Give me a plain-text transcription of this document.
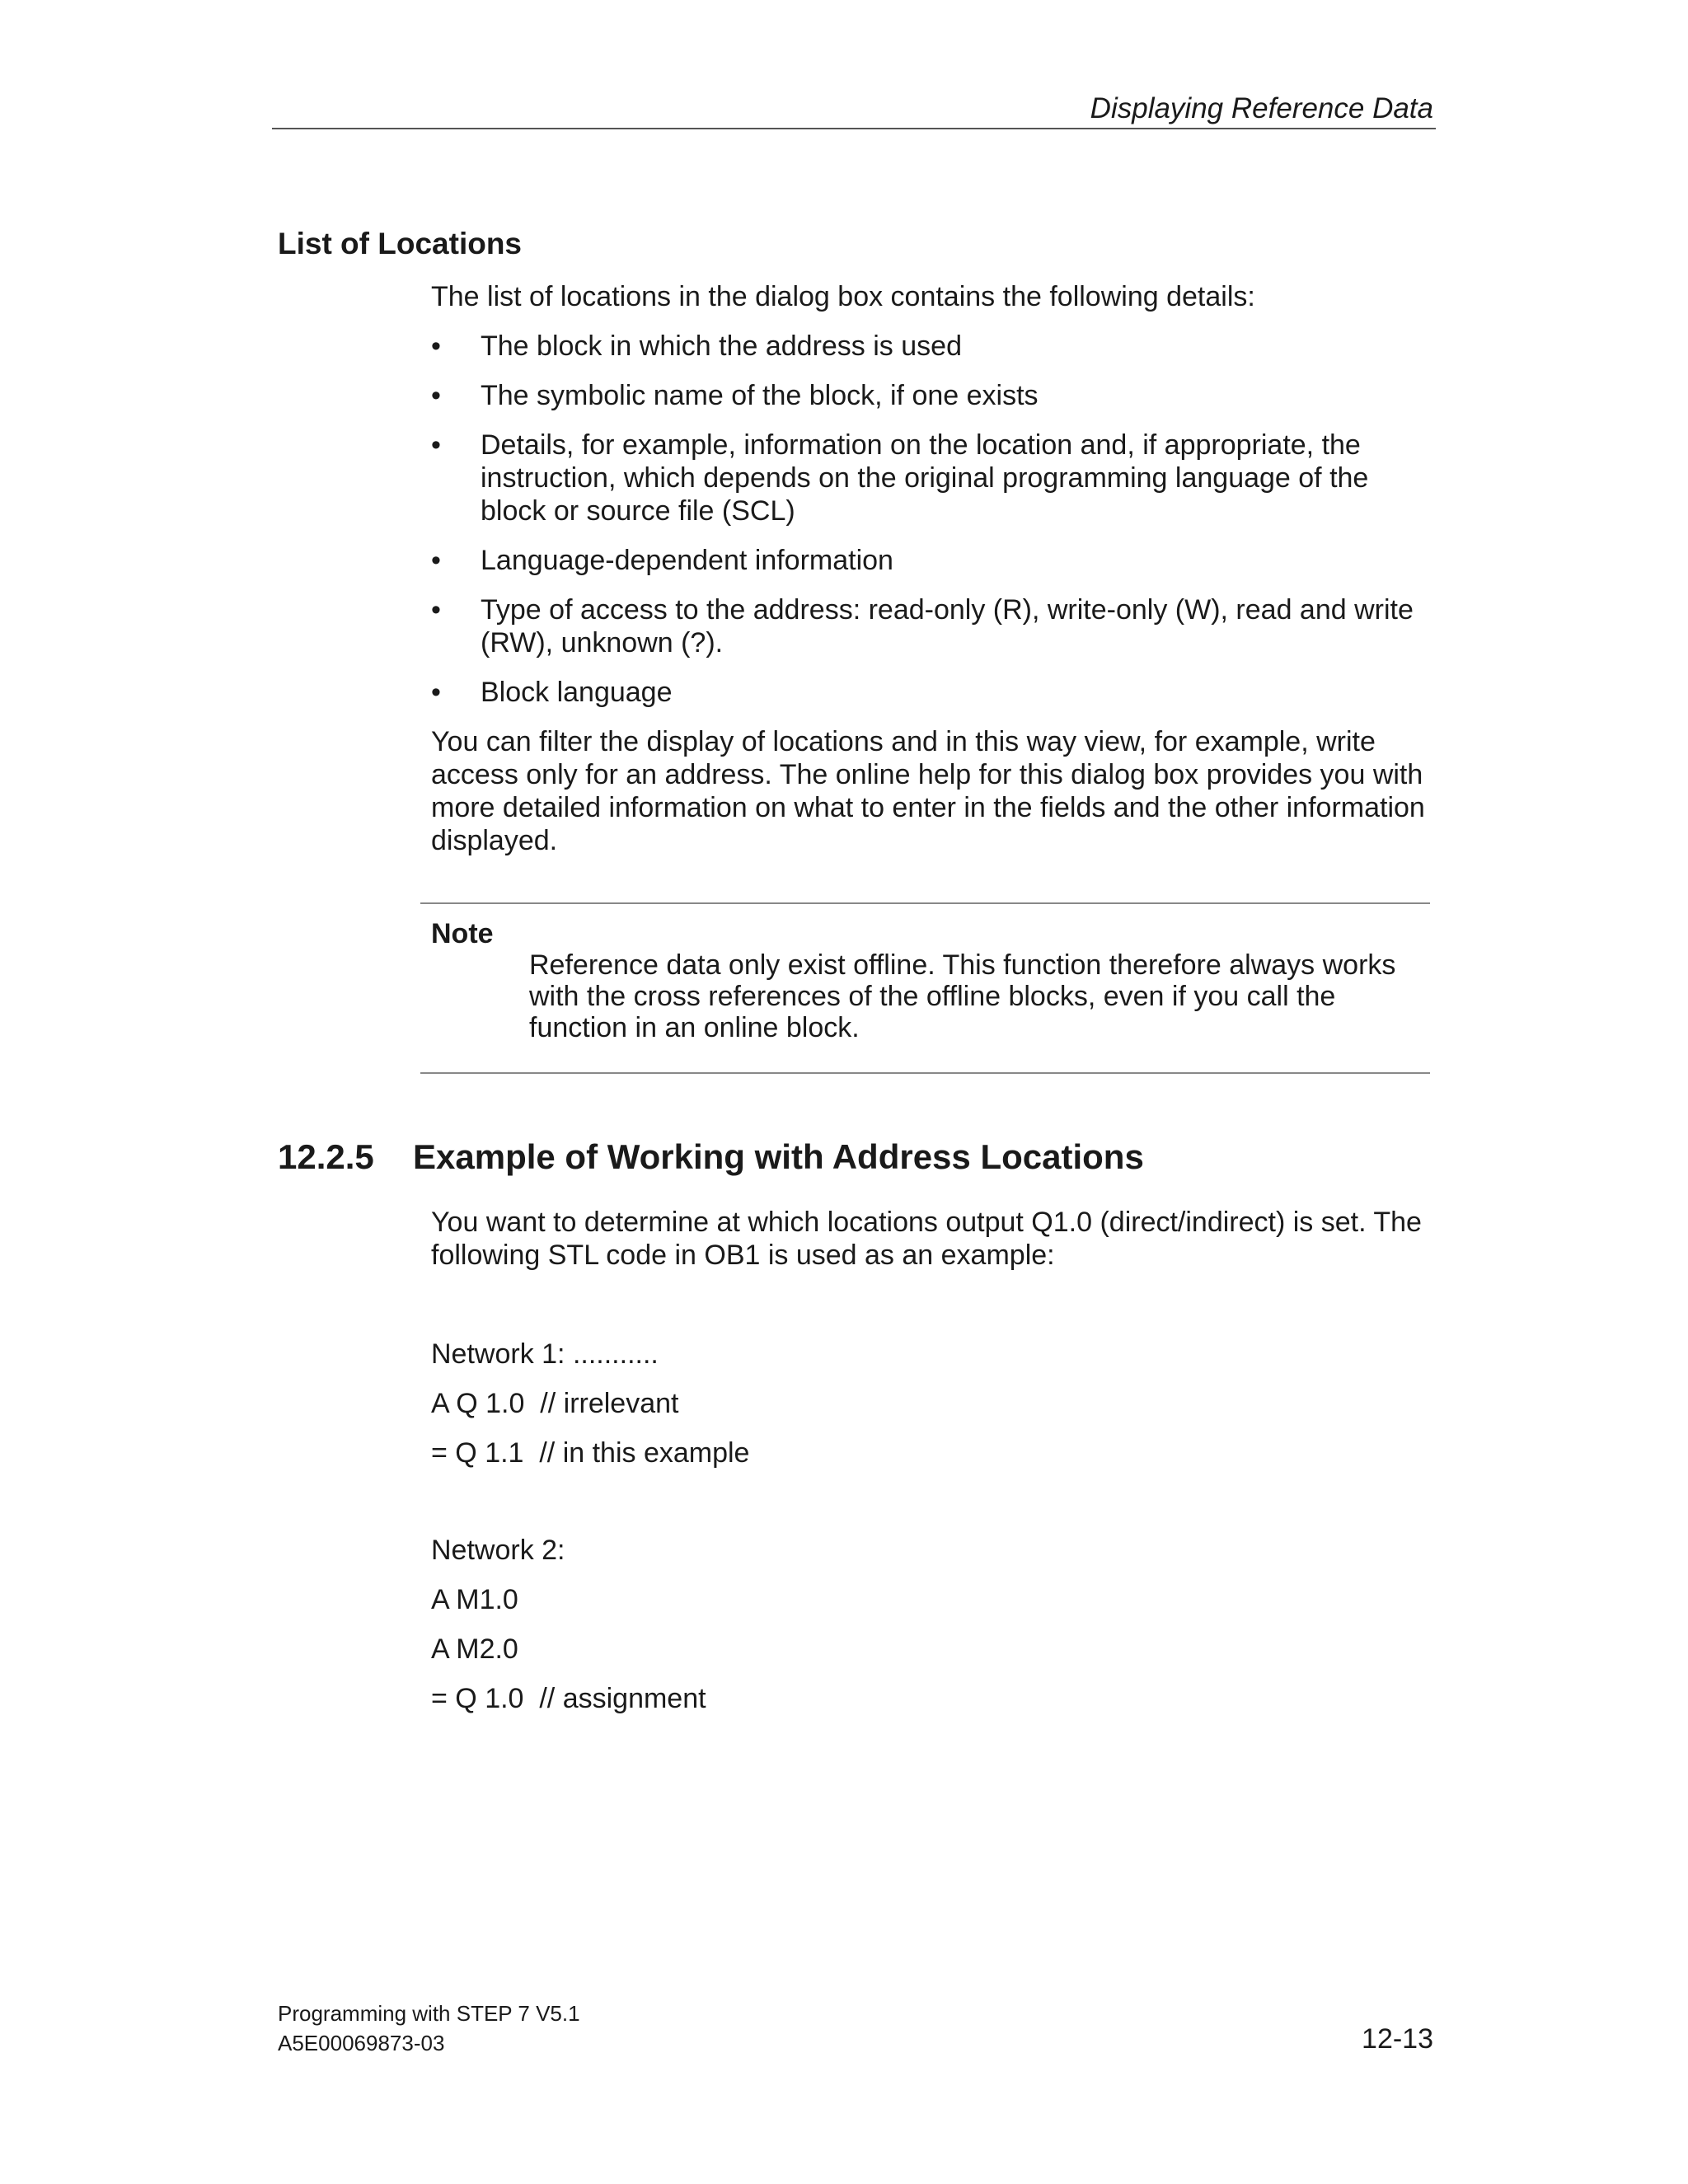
Displaying Reference Data
List of Locations

The list of locations in the dialog box contains the following details:

•	The block in which the address is used
•	The symbolic name of the block, if one exists
•	Details, for example, information on the location and, if appropriate, the instruction, which depends on the original programming language of the block or source file (SCL)
•	Language-dependent information
•	Type of access to the address: read-only (R), write-only (W), read and write (RW), unknown (?).
•	Block language

You can filter the display of locations and in this way view, for example, write access only for an address. The online help for this dialog box provides you with more detailed information on what to enter in the fields and the other information displayed.

Note
Reference data only exist offline. This function therefore always works with the cross references of the offline blocks, even if you call the function in an online block.
12.2.5 Example of Working with Address Locations
You want to determine at which locations output Q1.0 (direct/indirect) is set. The following STL code in OB1 is used as an example:
Network 1: ...........
A Q 1.0  // irrelevant
= Q 1.1  // in this example
Network 2:
A M1.0
A M2.0
= Q 1.0  // assignment
Programming with STEP 7 V5.1
A5E00069873-03	12-13
